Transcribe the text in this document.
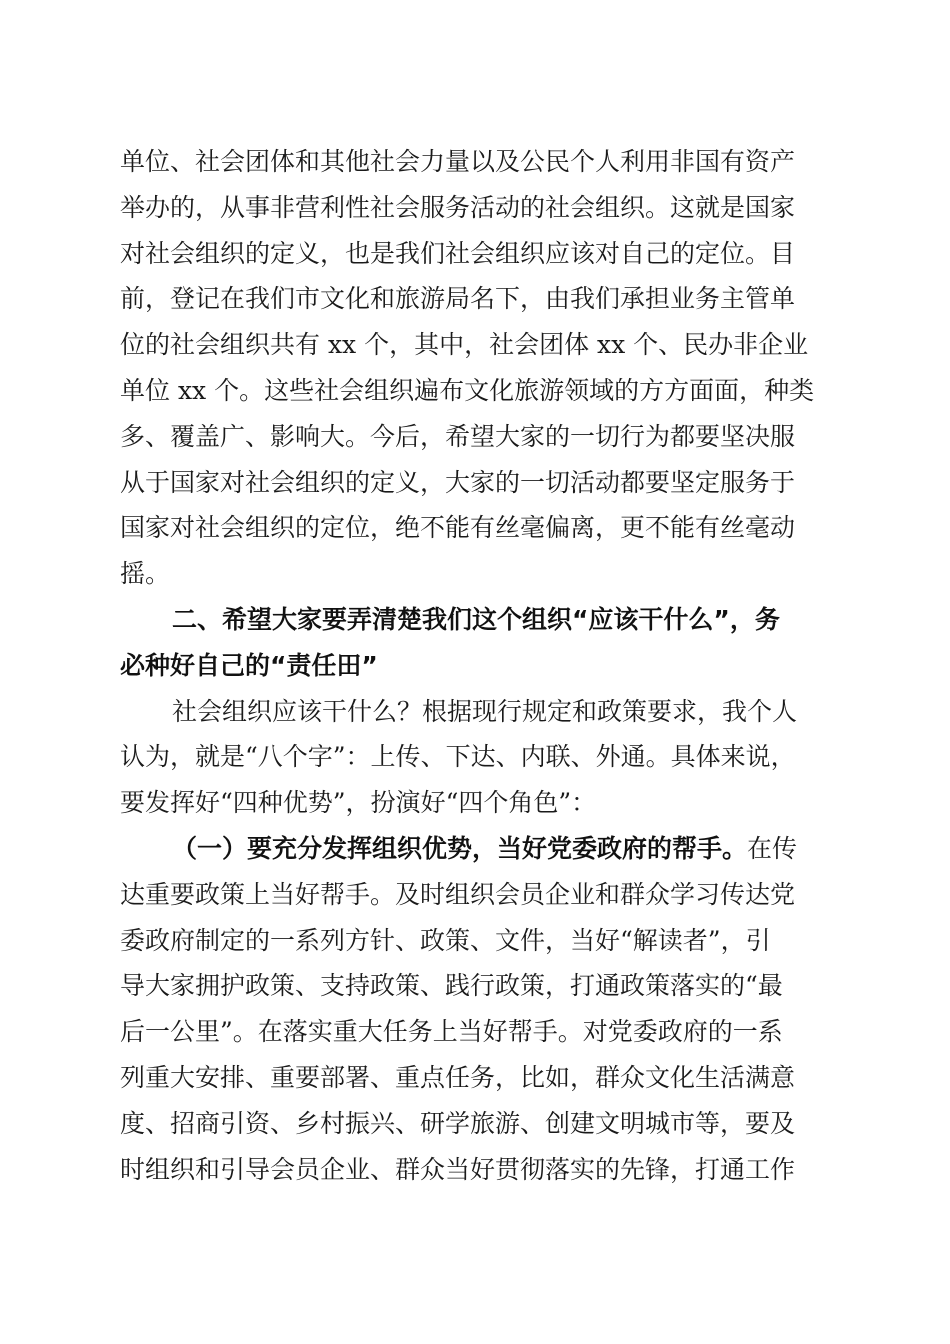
单位、社会团体和其他社会力量以及公民个人利用非国有资产
举办的，从事非营利性社会服务活动的社会组织。这就是国家
对社会组织的定义，也是我们社会组织应该对自己的定位。目
前，登记在我们市文化和旅游局名下，由我们承担业务主管单
位的社会组织共有 xx 个，其中，社会团体 xx 个、民办非企业
单位 xx 个。这些社会组织遍布文化旅游领域的方方面面，种类
多、覆盖广、影响大。今后，希望大家的一切行为都要坚决服
从于国家对社会组织的定义，大家的一切活动都要坚定服务于
国家对社会组织的定位，绝不能有丝毫偏离，更不能有丝毫动
摇。

二、希望大家要弄清楚我们这个组织“应该干什么”，务
必种好自己的“责任田”

社会组织应该干什么？根据现行规定和政策要求，我个人
认为，就是“八个字”：上传、下达、内联、外通。具体来说，
要发挥好“四种优势”，扮演好“四个角色”：

（一）要充分发挥组织优势，当好党委政府的帮手。在传
达重要政策上当好帮手。及时组织会员企业和群众学习传达党
委政府制定的一系列方针、政策、文件，当好“解读者”，引
导大家拥护政策、支持政策、践行政策，打通政策落实的“最
后一公里”。在落实重大任务上当好帮手。对党委政府的一系
列重大安排、重要部署、重点任务，比如，群众文化生活满意
度、招商引资、乡村振兴、研学旅游、创建文明城市等，要及
时组织和引导会员企业、群众当好贯彻落实的先锋，打通工作
